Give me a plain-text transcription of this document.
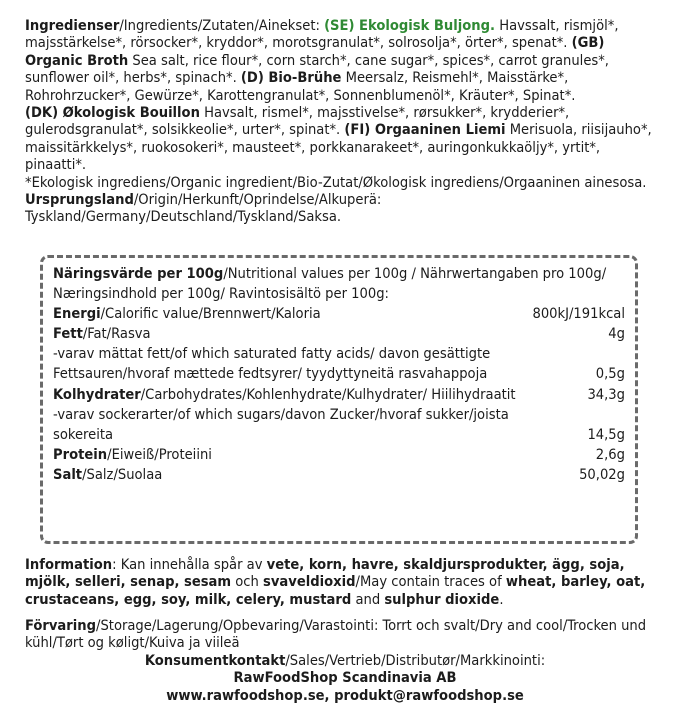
Ingredienser/Ingredients/Zutaten/Ainekset: (SE) Ekologisk Buljong. Havssalt, rismjöl*, majsstärkelse*, rörsocker*, kryddor*, morotsgranulat*, solrosolja*, örter*, spenat*. (GB) Organic Broth Sea salt, rice flour*, corn starch*, cane sugar*, spices*, carrot granules*, sunflower oil*, herbs*, spinach*. (D) Bio-Brühe Meersalz, Reismehl*, Maisstärke*, Rohrohrzucker*, Gewürze*, Karottengranulat*, Sonnenblumenöl*, Kräuter*, Spinat*.
(DK) Økologisk Bouillon Havsalt, rismel*, majsstivelse*, rørsukker*, krydderier*, gulerodsgranulat*, solsikkeolie*, urter*, spinat*. (FI) Orgaaninen Liemi Merisuola, riisijauho*, maissitärkkelys*, ruokosokeri*, mausteet*, porkkanarakeet*, auringonkukkaöljy*, yrtit*, pinaatti*.
*Ekologisk ingrediens/Organic ingredient/Bio-Zutat/Økologisk ingrediens/Orgaaninen ainesosa. Ursprungsland/Origin/Herkunft/Oprindelse/Alkuperä: Tyskland/Germany/Deutschland/Tyskland/Saksa.

Näringsvärde per 100g/Nutritional values per 100g / Nährwertangaben pro 100g/ Næringsindhold per 100g/ Ravintosisältö per 100g:
Energi/Calorific value/Brennwert/Kaloria	800kJ/191kcal
Fett/Fat/Rasva	4g
-varav mättat fett/of which saturated fatty acids/ davon gesättigte Fettsauren/hvoraf mættede fedtsyrer/ tyydyttyneitä rasvahappoja	0,5g
Kolhydrater/Carbohydrates/Kohlenhydrate/Kulhydrater/ Hiilihydraatit	34,3g
-varav sockerarter/of which sugars/davon Zucker/hvoraf sukker/joista sokereita	14,5g
Protein/Eiweiß/Proteiini	2,6g
Salt/Salz/Suolaa	50,02g

Information: Kan innehålla spår av vete, korn, havre, skaldjursprodukter, ägg, soja, mjölk, selleri, senap, sesam och svaveldioxid/May contain traces of wheat, barley, oat, crustaceans, egg, soy, milk, celery, mustard and sulphur dioxide.

Förvaring/Storage/Lagerung/Opbevaring/Varastointi: Torrt och svalt/Dry and cool/Trocken und kühl/Tørt og køligt/Kuiva ja viileä
Konsumentkontakt/Sales/Vertrieb/Distributør/Markkinointi:
RawFoodShop Scandinavia AB
www.rawfoodshop.se, produkt@rawfoodshop.se
